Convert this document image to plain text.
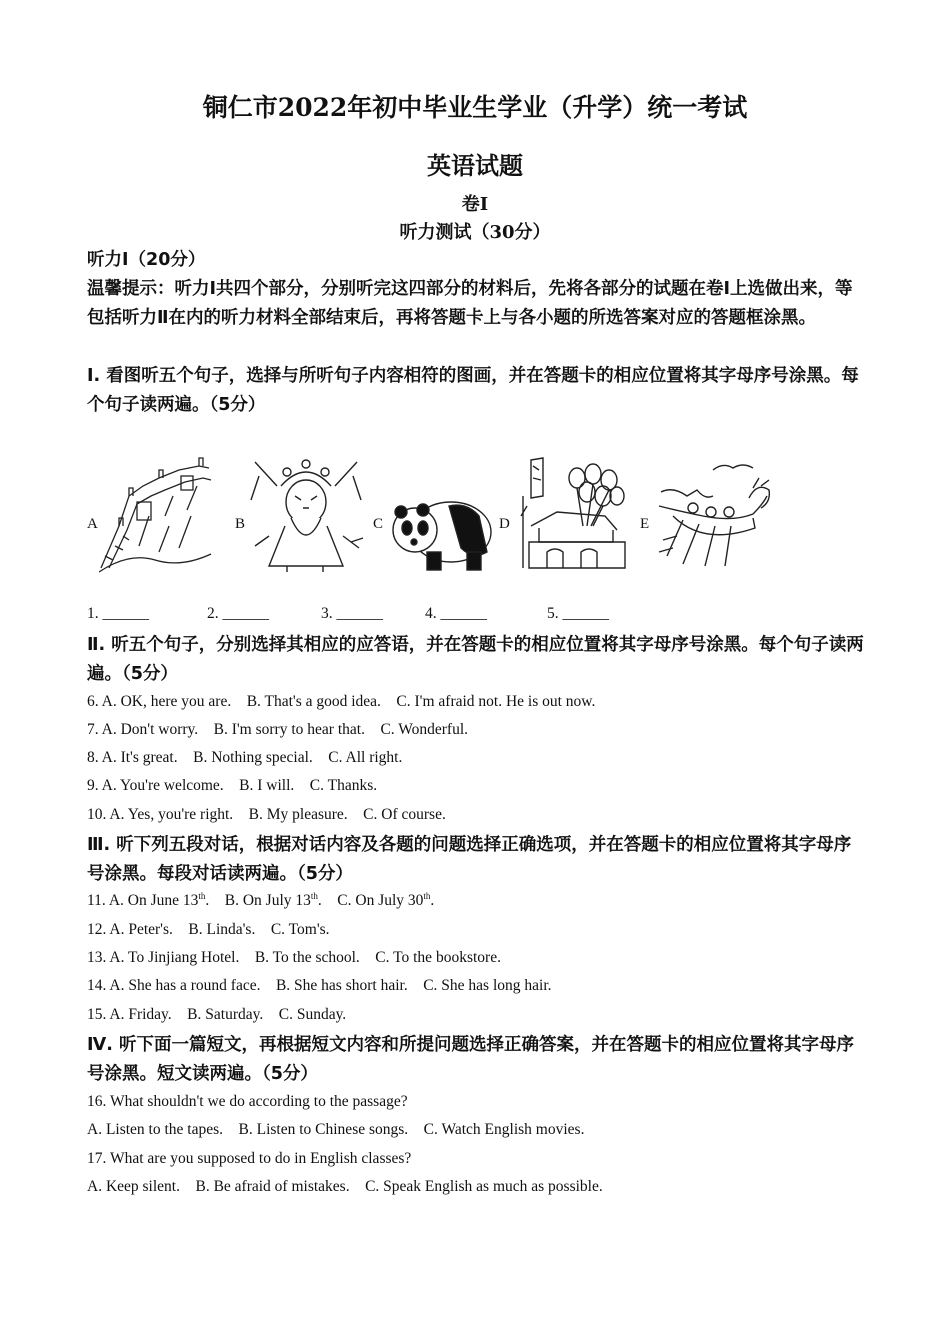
铜仁市2022年初中毕业生学业（升学）统一考试
英语试题
卷Ⅰ
听力测试（30分）
听力Ⅰ（20分）
温馨提示：听力Ⅰ共四个部分，分别听完这四部分的材料后，先将各部分的试题在卷Ⅰ上选做出来，等包括听力Ⅱ在内的听力材料全部结束后，再将答题卡上与各小题的所选答案对应的答题框涂黑。
Ⅰ. 看图听五个句子，选择与所听句子内容相符的图画，并在答题卡的相应位置将其字母序号涂黑。每个句子读两遍。（5分）
A	B	C	D	E
1. ______	2. ______	3. ______	4. ______	5. ______
Ⅱ. 听五个句子，分别选择其相应的应答语，并在答题卡的相应位置将其字母序号涂黑。每个句子读两遍。（5分）
6. A. OK, here you are.    B. That's a good idea.    C. I'm afraid not. He is out now.
7. A. Don't worry.    B. I'm sorry to hear that.    C. Wonderful.
8. A. It's great.    B. Nothing special.    C. All right.
9. A. You're welcome.    B. I will.    C. Thanks.
10. A. Yes, you're right.    B. My pleasure.    C. Of course.
Ⅲ. 听下列五段对话，根据对话内容及各题的问题选择正确选项，并在答题卡的相应位置将其字母序号涂黑。每段对话读两遍。（5分）
11. A. On June 13th.    B. On July 13th.    C. On July 30th.
12. A. Peter's.    B. Linda's.    C. Tom's.
13. A. To Jinjiang Hotel.    B. To the school.    C. To the bookstore.
14. A. She has a round face.    B. She has short hair.    C. She has long hair.
15. A. Friday.    B. Saturday.    C. Sunday.
Ⅳ. 听下面一篇短文，再根据短文内容和所提问题选择正确答案，并在答题卡的相应位置将其字母序号涂黑。短文读两遍。（5分）
16. What shouldn't we do according to the passage?
A. Listen to the tapes.    B. Listen to Chinese songs.    C. Watch English movies.
17. What are you supposed to do in English classes?
A. Keep silent.    B. Be afraid of mistakes.    C. Speak English as much as possible.
